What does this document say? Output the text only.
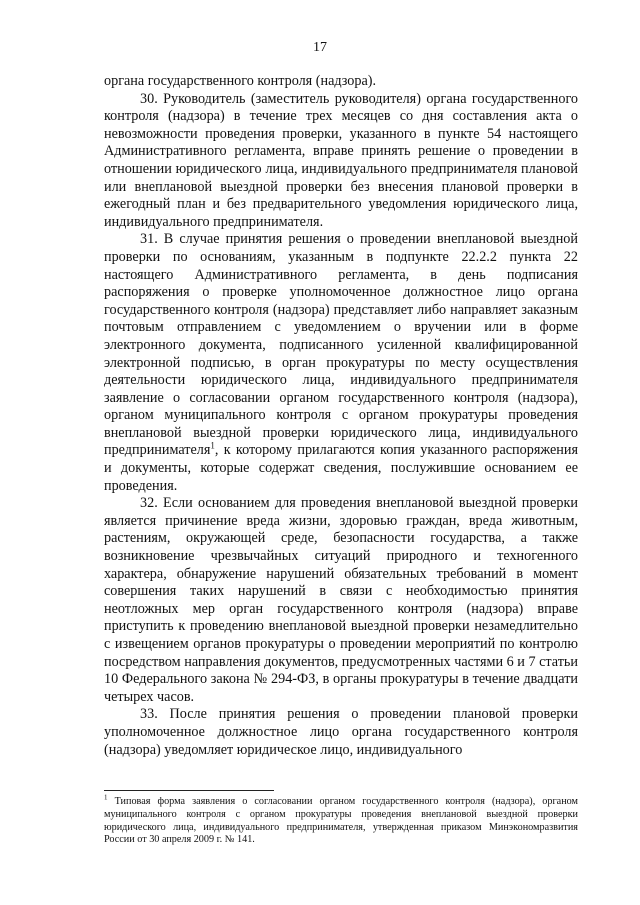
17

органа государственного контроля (надзора).

30. Руководитель (заместитель руководителя) органа государственного контроля (надзора) в течение трех месяцев со дня составления акта о невозможности проведения проверки, указанного в пункте 54 настоящего Административного регламента, вправе принять решение о проведении в отношении юридического лица, индивидуального предпринимателя плановой или внеплановой выездной проверки без внесения плановой проверки в ежегодный план и без предварительного уведомления юридического лица, индивидуального предпринимателя.

31. В случае принятия решения о проведении внеплановой выездной проверки по основаниям, указанным в подпункте 22.2.2 пункта 22 настоящего Административного регламента, в день подписания распоряжения о проверке уполномоченное должностное лицо органа государственного контроля (надзора) представляет либо направляет заказным почтовым отправлением с уведомлением о вручении или в форме электронного документа, подписанного усиленной квалифицированной электронной подписью, в орган прокуратуры по месту осуществления деятельности юридического лица, индивидуального предпринимателя заявление о согласовании органом государственного контроля (надзора), органом муниципального контроля с органом прокуратуры проведения внеплановой выездной проверки юридического лица, индивидуального предпринимателя$^1$, к которому прилагаются копия указанного распоряжения и документы, которые содержат сведения, послужившие основанием ее проведения.

32. Если основанием для проведения внеплановой выездной проверки является причинение вреда жизни, здоровью граждан, вреда животным, растениям, окружающей среде, безопасности государства, а также возникновение чрезвычайных ситуаций природного и техногенного характера, обнаружение нарушений обязательных требований в момент совершения таких нарушений в связи с необходимостью принятия неотложных мер орган государственного контроля (надзора) вправе приступить к проведению внеплановой выездной проверки незамедлительно с извещением органов прокуратуры о проведении мероприятий по контролю посредством направления документов, предусмотренных частями 6 и 7 статьи 10 Федерального закона № 294-ФЗ, в органы прокуратуры в течение двадцати четырех часов.

33. После принятия решения о проведении плановой проверки уполномоченное должностное лицо органа государственного контроля (надзора) уведомляет юридическое лицо, индивидуального

$^1$ Типовая форма заявления о согласовании органом государственного контроля (надзора), органом муниципального контроля с органом прокуратуры проведения внеплановой выездной проверки юридического лица, индивидуального предпринимателя, утвержденная приказом Минэкономразвития России от 30 апреля 2009 г. № 141.
